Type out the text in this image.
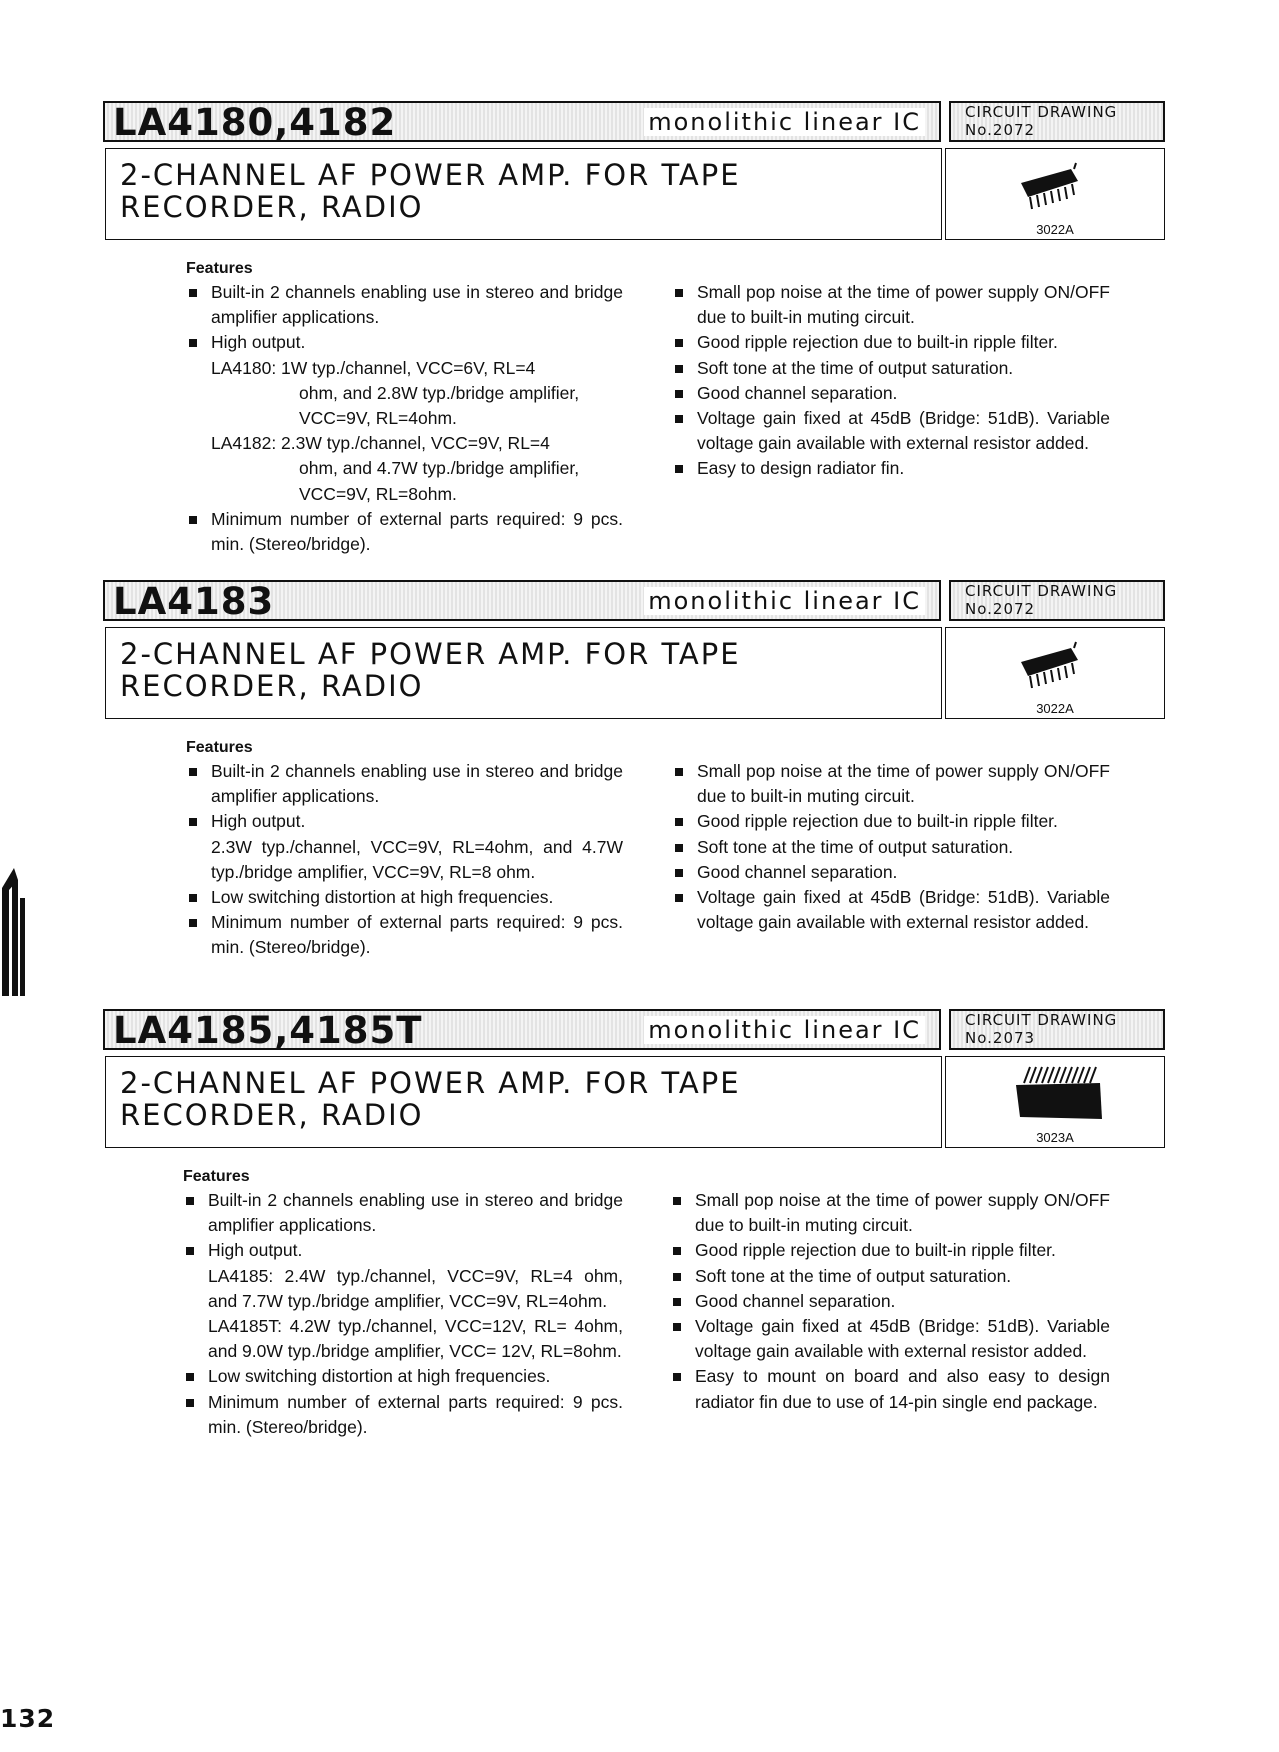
LA4180,4182	monolithic linear IC	CIRCUIT DRAWING
No.2072
2-CHANNEL AF POWER AMP. FOR TAPE
RECORDER, RADIO
3022A
Features
Built-in 2 channels enabling use in stereo and bridge amplifier applications.
High output.
LA4180: 1W typ./channel, VCC=6V, RL=4
ohm, and 2.8W typ./bridge amplifier,
VCC=9V, RL=4ohm.
LA4182: 2.3W typ./channel, VCC=9V, RL=4
ohm, and 4.7W typ./bridge amplifier,
VCC=9V, RL=8ohm.
Minimum number of external parts required: 9 pcs. min. (Stereo/bridge).
Small pop noise at the time of power supply ON/OFF due to built-in muting circuit.
Good ripple rejection due to built-in ripple filter.
Soft tone at the time of output saturation.
Good channel separation.
Voltage gain fixed at 45dB (Bridge: 51dB). Variable voltage gain available with external resistor added.
Easy to design radiator fin.
LA4183	monolithic linear IC	CIRCUIT DRAWING
No.2072
2-CHANNEL AF POWER AMP. FOR TAPE
RECORDER, RADIO
3022A
Features
Built-in 2 channels enabling use in stereo and bridge amplifier applications.
High output.
2.3W typ./channel, VCC=9V, RL=4ohm, and 4.7W typ./bridge amplifier, VCC=9V, RL=8 ohm.
Low switching distortion at high frequencies.
Minimum number of external parts required: 9 pcs. min. (Stereo/bridge).
Small pop noise at the time of power supply ON/OFF due to built-in muting circuit.
Good ripple rejection due to built-in ripple filter.
Soft tone at the time of output saturation.
Good channel separation.
Voltage gain fixed at 45dB (Bridge: 51dB). Variable voltage gain available with external resistor added.
LA4185,4185T	monolithic linear IC	CIRCUIT DRAWING
No.2073
2-CHANNEL AF POWER AMP. FOR TAPE
RECORDER, RADIO
3023A
Features
Built-in 2 channels enabling use in stereo and bridge amplifier applications.
High output.
LA4185: 2.4W typ./channel, VCC=9V, RL=4 ohm, and 7.7W typ./bridge amplifier, VCC=9V, RL=4ohm.
LA4185T: 4.2W typ./channel, VCC=12V, RL= 4ohm, and 9.0W typ./bridge amplifier, VCC= 12V, RL=8ohm.
Low switching distortion at high frequencies.
Minimum number of external parts required: 9 pcs. min. (Stereo/bridge).
Small pop noise at the time of power supply ON/OFF due to built-in muting circuit.
Good ripple rejection due to built-in ripple filter.
Soft tone at the time of output saturation.
Good channel separation.
Voltage gain fixed at 45dB (Bridge: 51dB). Variable voltage gain available with external resistor added.
Easy to mount on board and also easy to design radiator fin due to use of 14-pin single end package.
132
